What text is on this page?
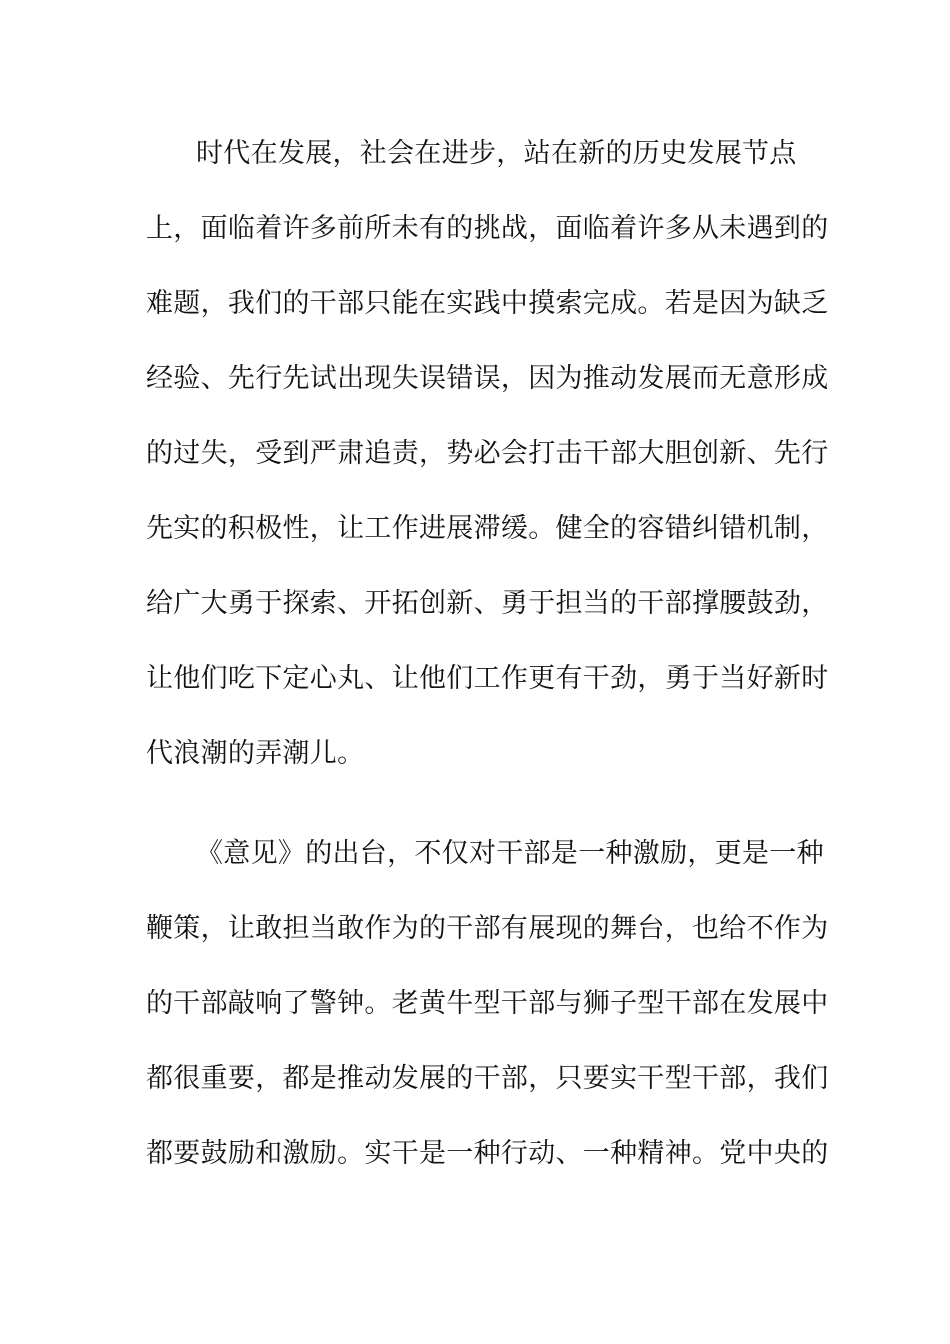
时代在发展，社会在进步，站在新的历史发展节点
上，面临着许多前所未有的挑战，面临着许多从未遇到的
难题，我们的干部只能在实践中摸索完成。若是因为缺乏
经验、先行先试出现失误错误，因为推动发展而无意形成
的过失，受到严肃追责，势必会打击干部大胆创新、先行
先实的积极性，让工作进展滞缓。健全的容错纠错机制，
给广大勇于探索、开拓创新、勇于担当的干部撑腰鼓劲，
让他们吃下定心丸、让他们工作更有干劲，勇于当好新时
代浪潮的弄潮儿。
《意见》的出台，不仅对干部是一种激励，更是一种
鞭策，让敢担当敢作为的干部有展现的舞台，也给不作为
的干部敲响了警钟。老黄牛型干部与狮子型干部在发展中
都很重要，都是推动发展的干部，只要实干型干部，我们
都要鼓励和激励。实干是一种行动、一种精神。党中央的
